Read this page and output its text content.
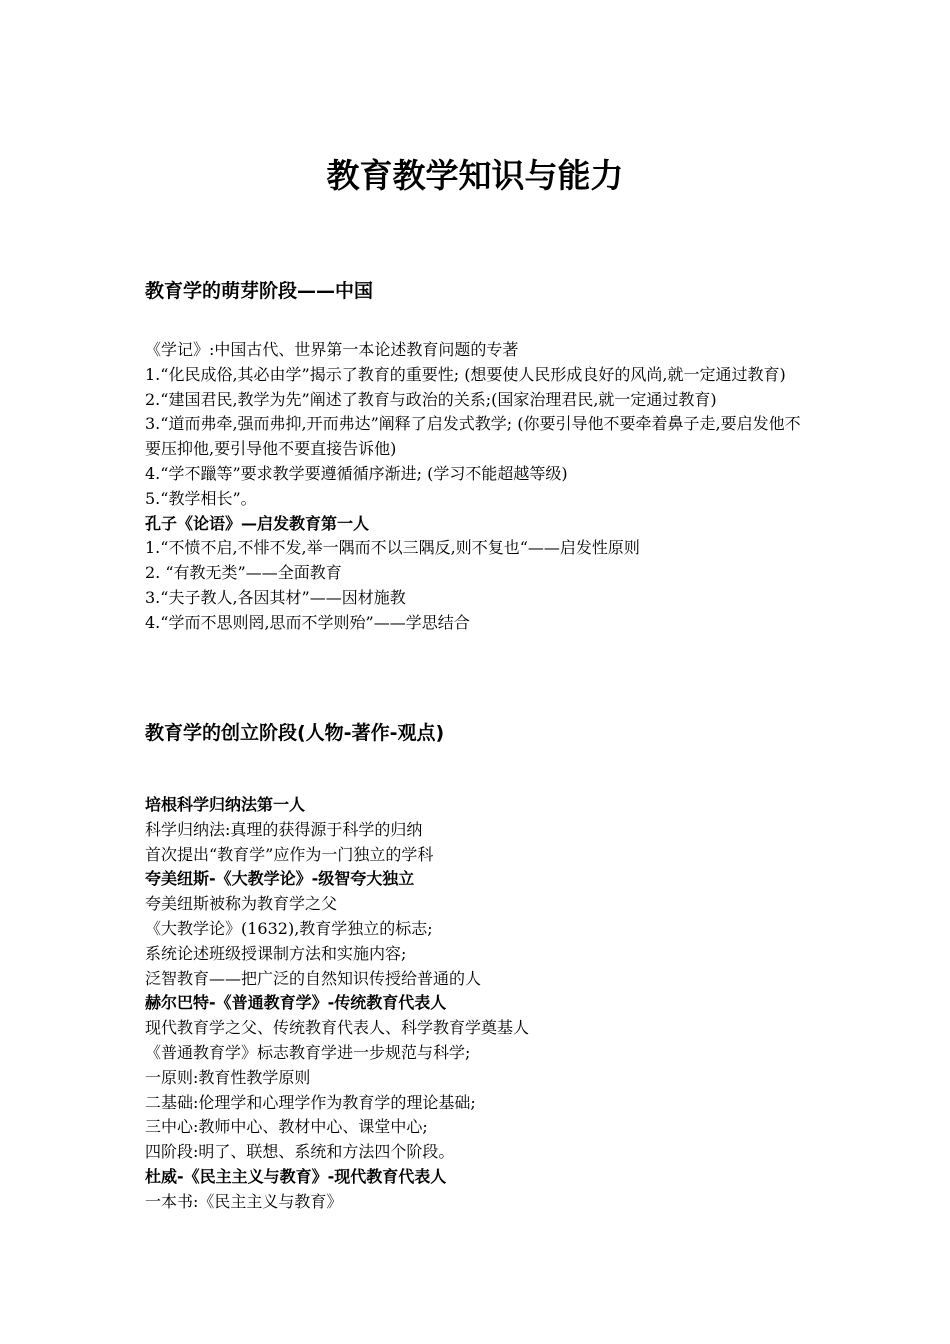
教育教学知识与能力
教育学的萌芽阶段——中国
《学记》:中国古代、世界第一本论述教育问题的专著
1.“化民成俗,其必由学”揭示了教育的重要性; (想要使人民形成良好的风尚,就一定通过教育)
2.“建国君民,教学为先”阐述了教育与政治的关系;(国家治理君民,就一定通过教育)
3.“道而弗牵,强而弗抑,开而弗达”阐释了启发式教学; (你要引导他不要牵着鼻子走,要启发他不要压抑他,要引导他不要直接告诉他)
4.“学不躐等”要求教学要遵循循序渐进; (学习不能超越等级)
5.“教学相长”。
孔子《论语》—启发教育第一人
1.“不愤不启,不悱不发,举一隅而不以三隅反,则不复也“——启发性原则
2. “有教无类”——全面教育
3.“夫子教人,各因其材”——因材施教
4.“学而不思则罔,思而不学则殆”——学思结合
教育学的创立阶段(人物-著作-观点)
培根科学归纳法第一人
科学归纳法:真理的获得源于科学的归纳
首次提出“教育学”应作为一门独立的学科
夸美纽斯-《大教学论》-级智夸大独立
夸美纽斯被称为教育学之父
《大教学论》(1632),教育学独立的标志;
系统论述班级授课制方法和实施内容;
泛智教育——把广泛的自然知识传授给普通的人
赫尔巴特-《普通教育学》-传统教育代表人
现代教育学之父、传统教育代表人、科学教育学奠基人
《普通教育学》标志教育学进一步规范与科学;
一原则:教育性教学原则
二基础:伦理学和心理学作为教育学的理论基础;
三中心:教师中心、教材中心、课堂中心;
四阶段:明了、联想、系统和方法四个阶段。
杜威-《民主主义与教育》-现代教育代表人
一本书:《民主主义与教育》
